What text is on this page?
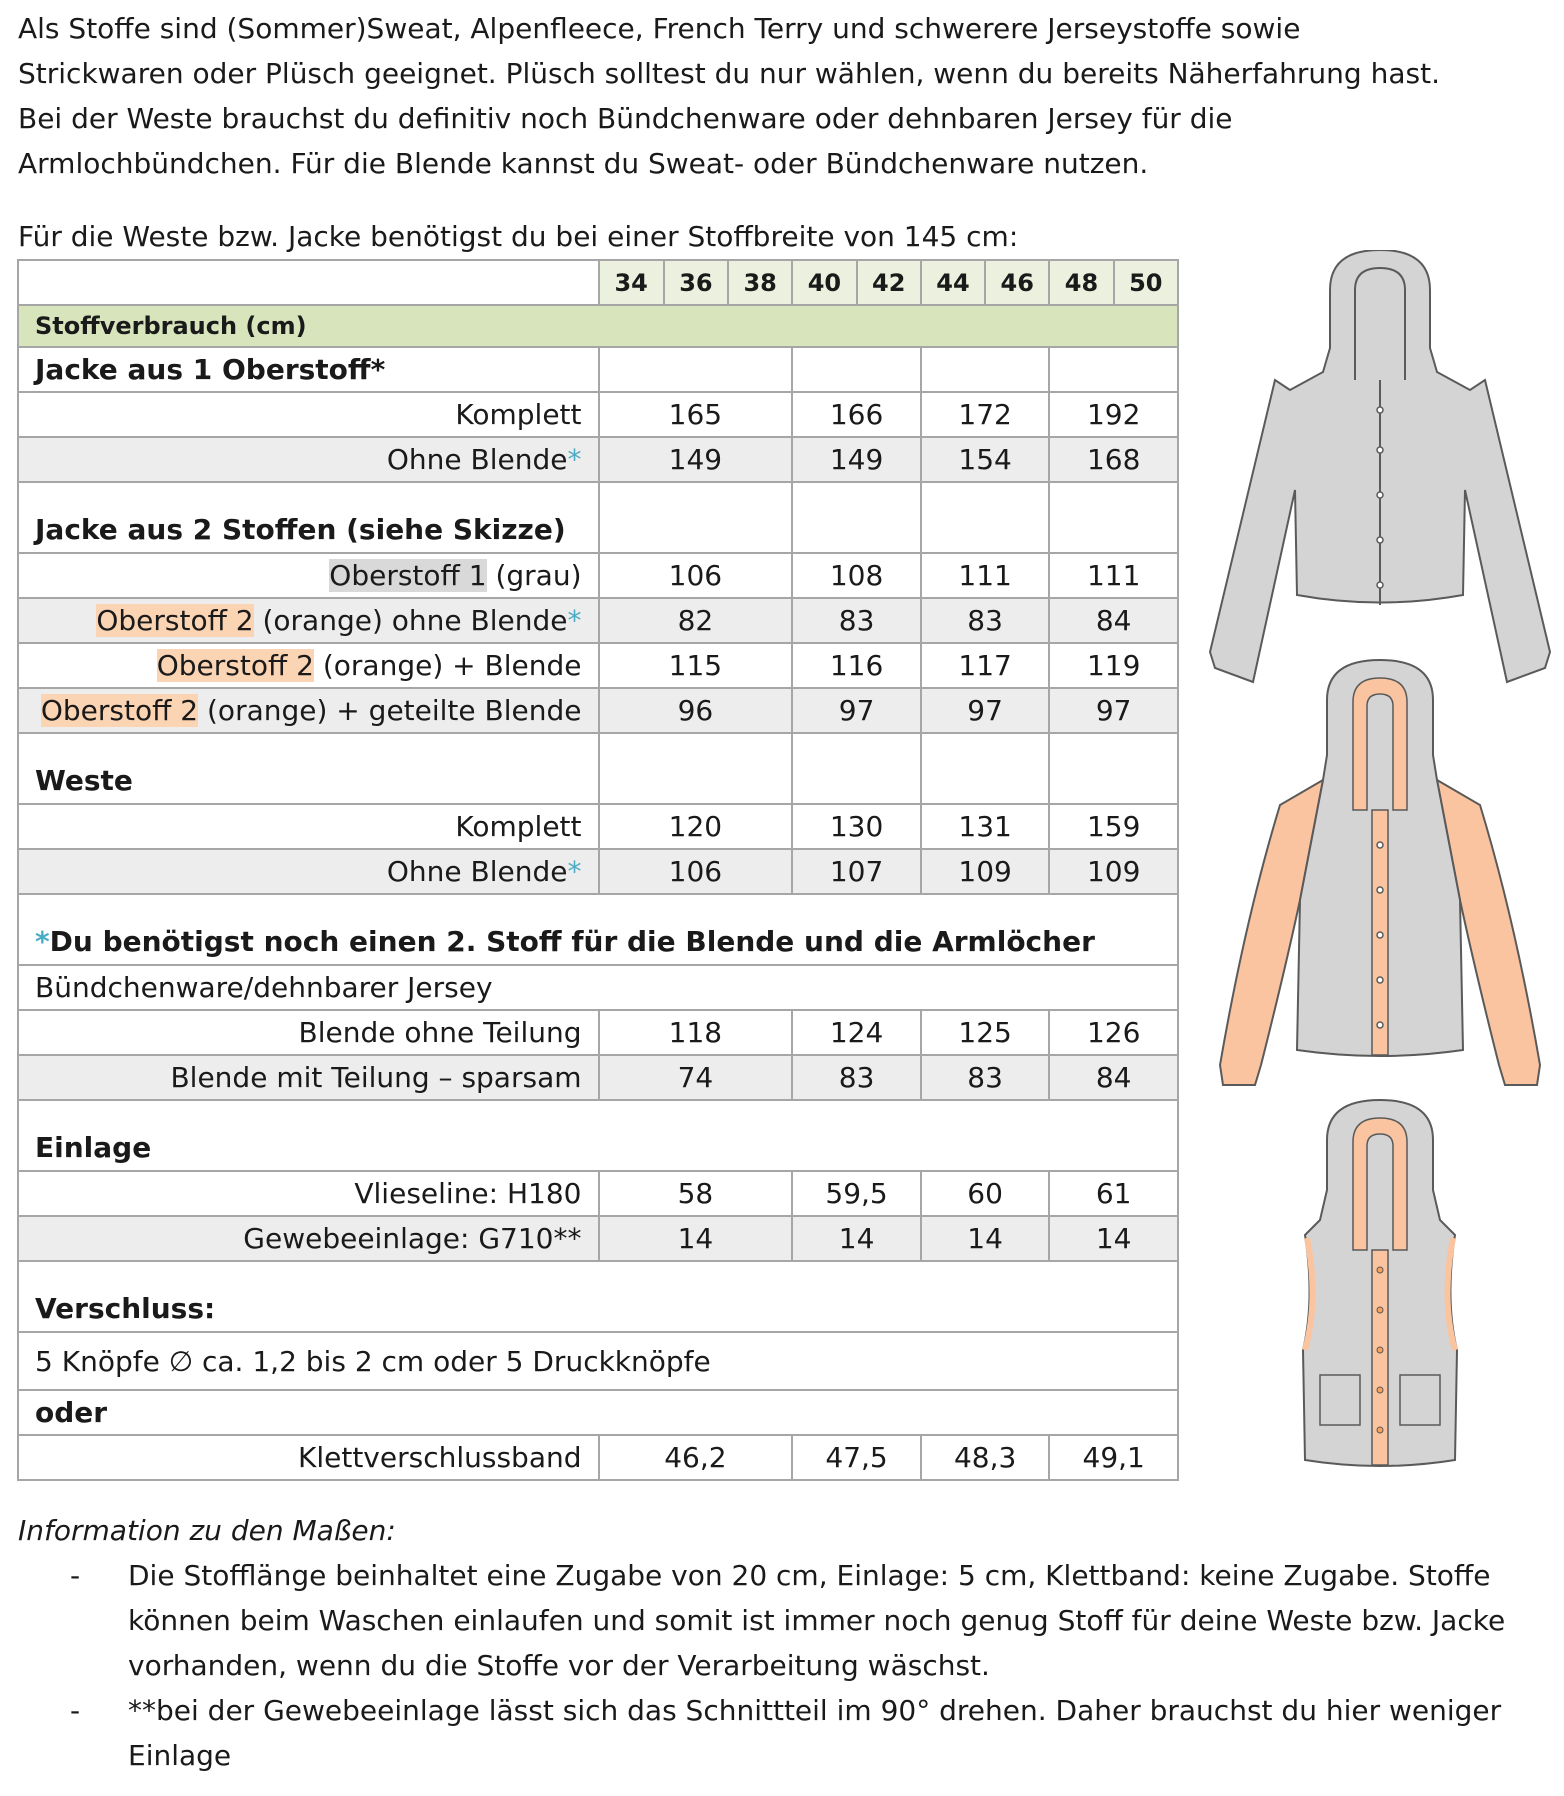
Als Stoffe sind (Sommer)Sweat, Alpenfleece, French Terry und schwerere Jerseystoffe sowie

Strickwaren oder Plüsch geeignet. Plüsch solltest du nur wählen, wenn du bereits Näherfahrung hast.

Bei der Weste brauchst du definitiv noch Bündchenware oder dehnbaren Jersey für die

Armlochbündchen. Für die Blende kannst du Sweat- oder Bündchenware nutzen.

Für die Weste bzw. Jacke benötigst du bei einer Stoffbreite von 145 cm:
	34	36	38	40	42	44	46	48	50
Stoffverbrauch (cm)									
Jacke aus 1 Oberstoff*									
Komplett	165			166		172		192	
Ohne Blende*	149			149		154		168	
Jacke aus 2 Stoffen (siehe Skizze)									
Oberstoff 1 (grau)	106			108		111		111	
Oberstoff 2 (orange) ohne Blende*	82			83		83		84	
Oberstoff 2 (orange) + Blende	115			116		117		119	
Oberstoff 2 (orange) + geteilte Blende	96			97		97		97	
Weste									
Komplett	120			130		131		159	
Ohne Blende*	106			107		109		109	
*Du benötigst noch einen 2. Stoff für die Blende und die Armlöcher									
Bündchenware/dehnbarer Jersey									
Blende ohne Teilung	118			124		125		126	
Blende mit Teilung – sparsam	74			83		83		84	
Einlage									
Vlieseline: H180	58			59,5		60		61	
Gewebeeinlage: G710**	14			14		14		14	
Verschluss:									
5 Knöpfe ∅ ca. 1,2 bis 2 cm oder 5 Druckknöpfe									
oder									
Klettverschlussband	46,2			47,5		48,3		49,1	
Information zu den Maßen:
- Die Stofflänge beinhaltet eine Zugabe von 20 cm, Einlage: 5 cm, Klettband: keine Zugabe. Stoffe können beim Waschen einlaufen und somit ist immer noch genug Stoff für deine Weste bzw. Jacke vorhanden, wenn du die Stoffe vor der Verarbeitung wäschst.
- **bei der Gewebeeinlage lässt sich das Schnittteil im 90° drehen. Daher brauchst du hier weniger Einlage
